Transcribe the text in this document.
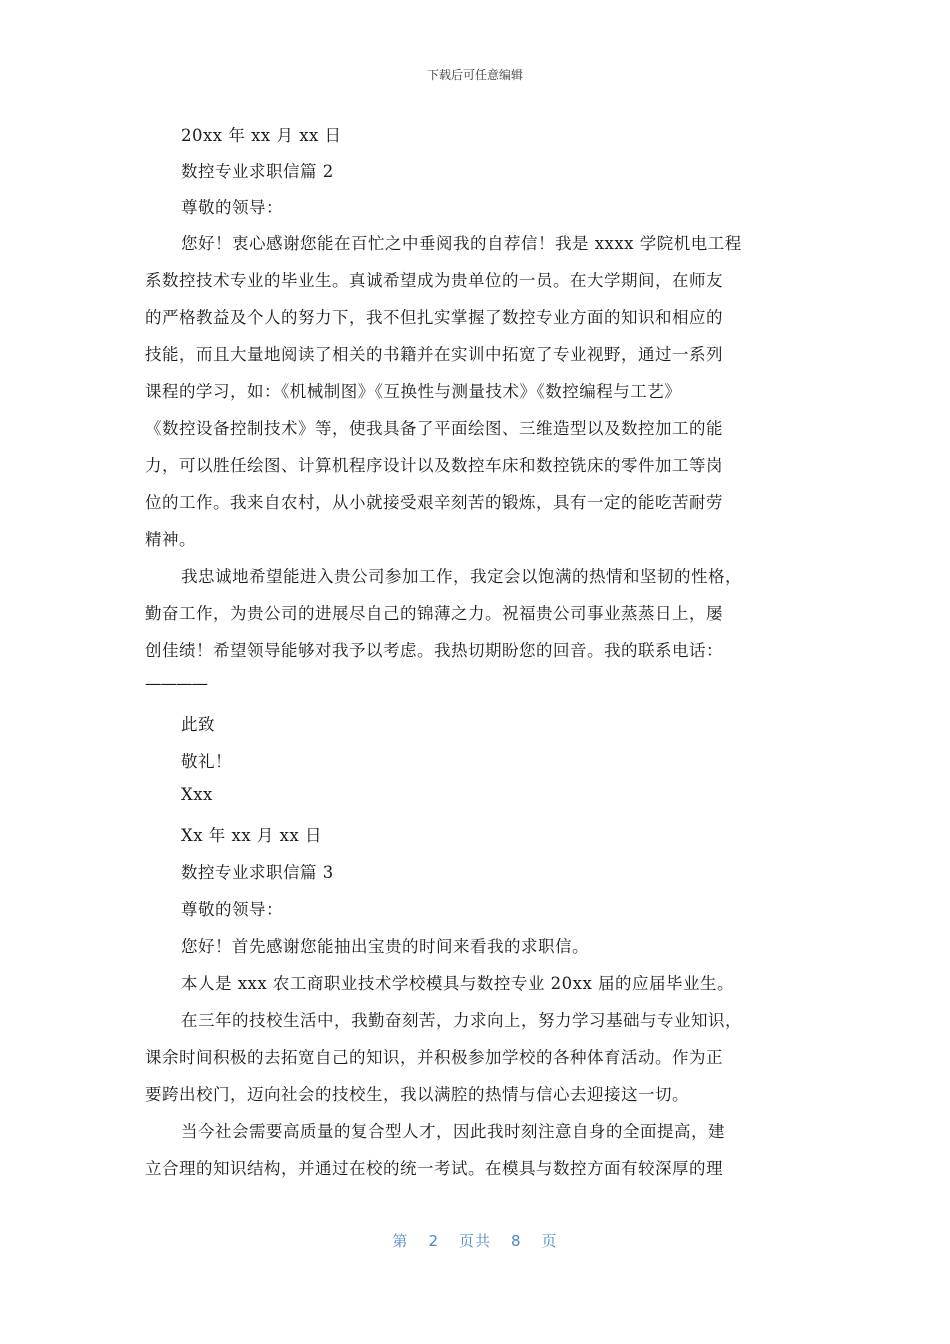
下载后可任意编辑
20xx 年 xx 月 xx 日
数控专业求职信篇 2
尊敬的领导：
您好！衷心感谢您能在百忙之中垂阅我的自荐信！我是 xxxx 学院机电工程
系数控技术专业的毕业生。真诚希望成为贵单位的一员。在大学期间，在师友
的严格教益及个人的努力下，我不但扎实掌握了数控专业方面的知识和相应的
技能，而且大量地阅读了相关的书籍并在实训中拓宽了专业视野，通过一系列
课程的学习，如：《机械制图》《互换性与测量技术》《数控编程与工艺》
《数控设备控制技术》等，使我具备了平面绘图、三维造型以及数控加工的能
力，可以胜任绘图、计算机程序设计以及数控车床和数控铣床的零件加工等岗
位的工作。我来自农村，从小就接受艰辛刻苦的锻炼，具有一定的能吃苦耐劳
精神。
我忠诚地希望能进入贵公司参加工作，我定会以饱满的热情和坚韧的性格，
勤奋工作，为贵公司的进展尽自己的锦薄之力。祝福贵公司事业蒸蒸日上，屡
创佳绩！希望领导能够对我予以考虑。我热切期盼您的回音。我的联系电话：
————
此致
敬礼！
Xxx
Xx 年 xx 月 xx 日
数控专业求职信篇 3
尊敬的领导：
您好！首先感谢您能抽出宝贵的时间来看我的求职信。
本人是 xxx 农工商职业技术学校模具与数控专业 20xx 届的应届毕业生。
在三年的技校生活中，我勤奋刻苦，力求向上，努力学习基础与专业知识，
课余时间积极的去拓宽自己的知识，并积极参加学校的各种体育活动。作为正
要跨出校门，迈向社会的技校生，我以满腔的热情与信心去迎接这一切。
当今社会需要高质量的复合型人才，因此我时刻注意自身的全面提高，建
立合理的知识结构，并通过在校的统一考试。在模具与数控方面有较深厚的理
第 2 页共 8 页
